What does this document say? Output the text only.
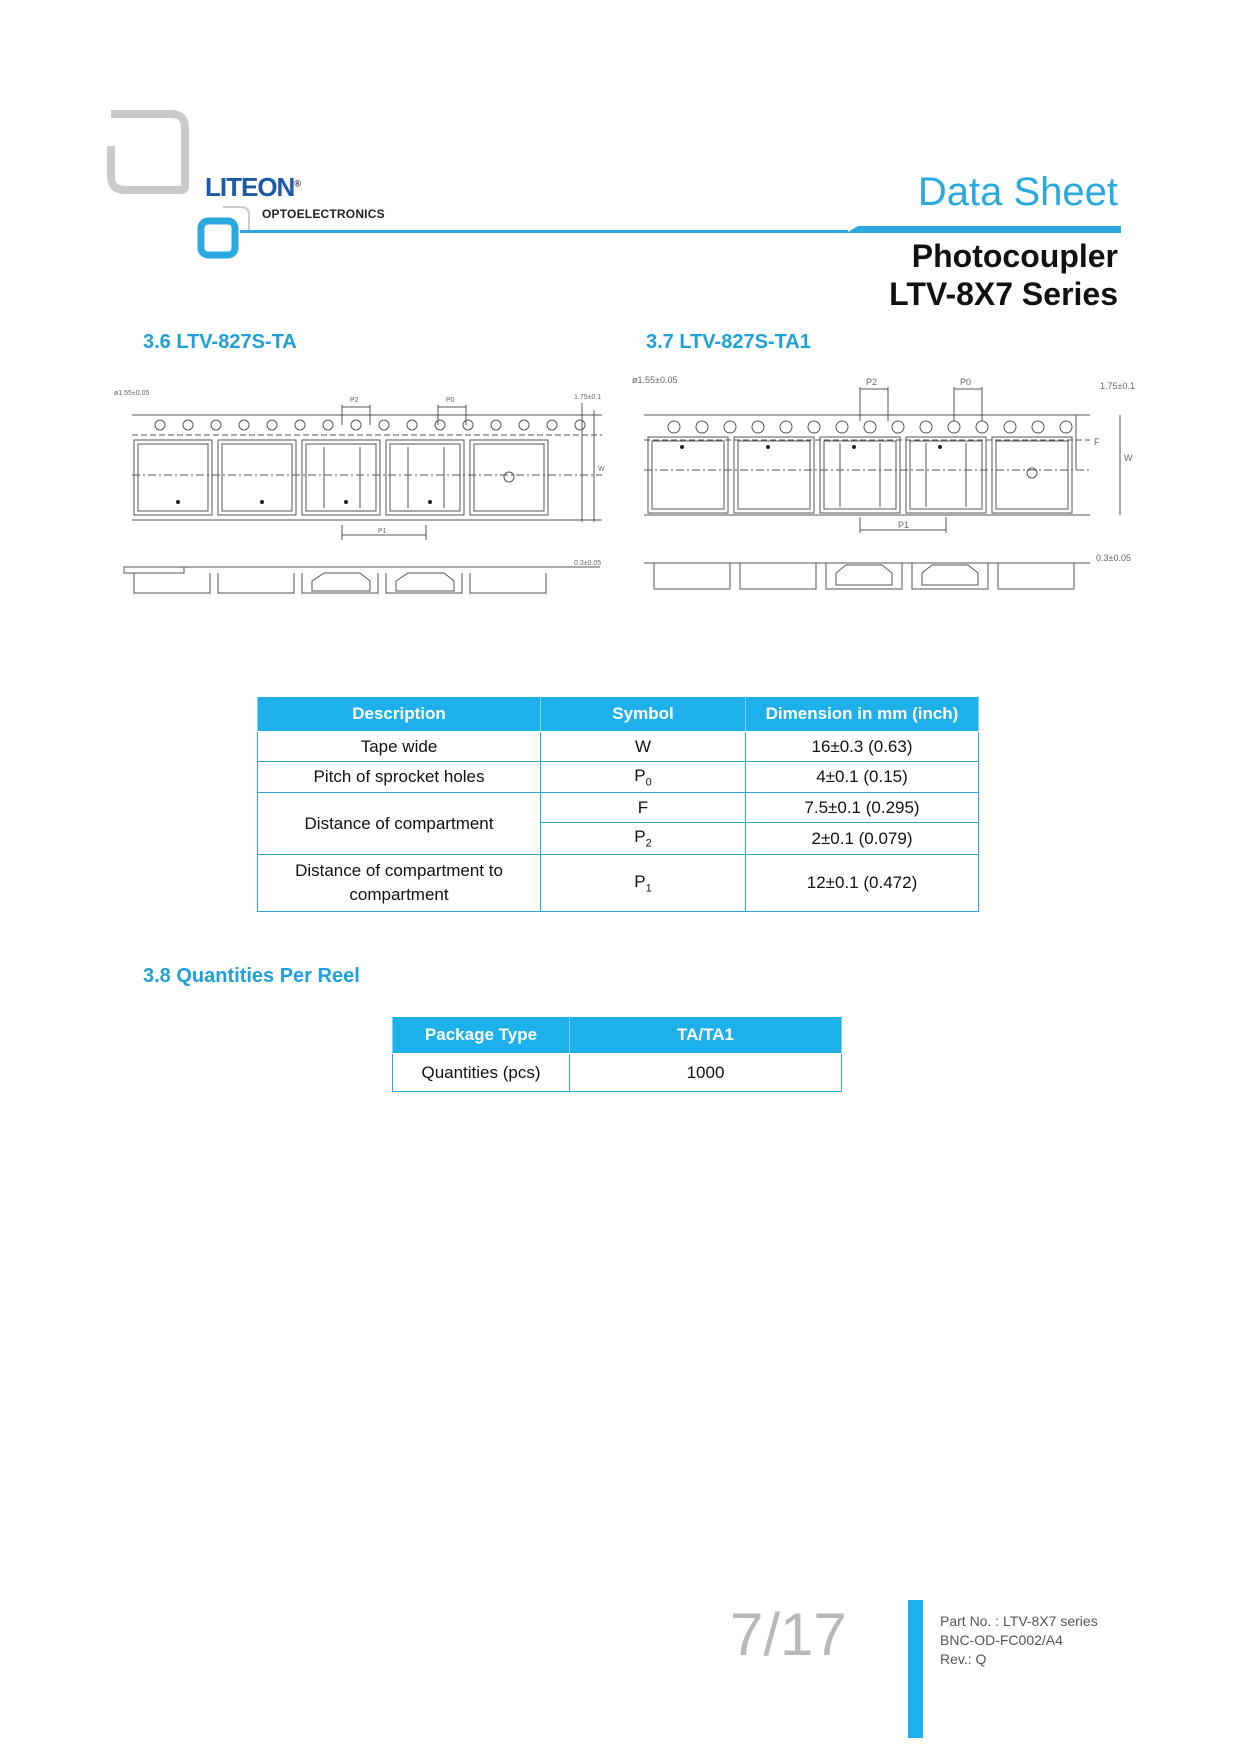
LITEON®
OPTOELECTRONICS	Data Sheet
Photocoupler
LTV-8X7 Series
3.6 LTV-827S-TA	3.7 LTV-827S-TA1
ø1.55±0.05
P2	P0	1.75±0.1
W
P1
0.3±0.05
ø1.55±0.05	P2	P0	1.75±0.1
F
W
P1
0.3±0.05
Description	Symbol	Dimension in mm (inch)
Tape wide	W	16±0.3 (0.63)
Pitch of sprocket holes	$P_0$	4±0.1 (0.15)
Distance of compartment	F	7.5±0.1 (0.295)
	$P_2$	2±0.1 (0.079)
Distance of compartment to compartment	$P_1$	12±0.1 (0.472)
3.8 Quantities Per Reel
Package Type	TA/TA1
Quantities (pcs)	1000
7/17	Part No. : LTV-8X7 series
BNC-OD-FC002/A4
Rev.: Q
